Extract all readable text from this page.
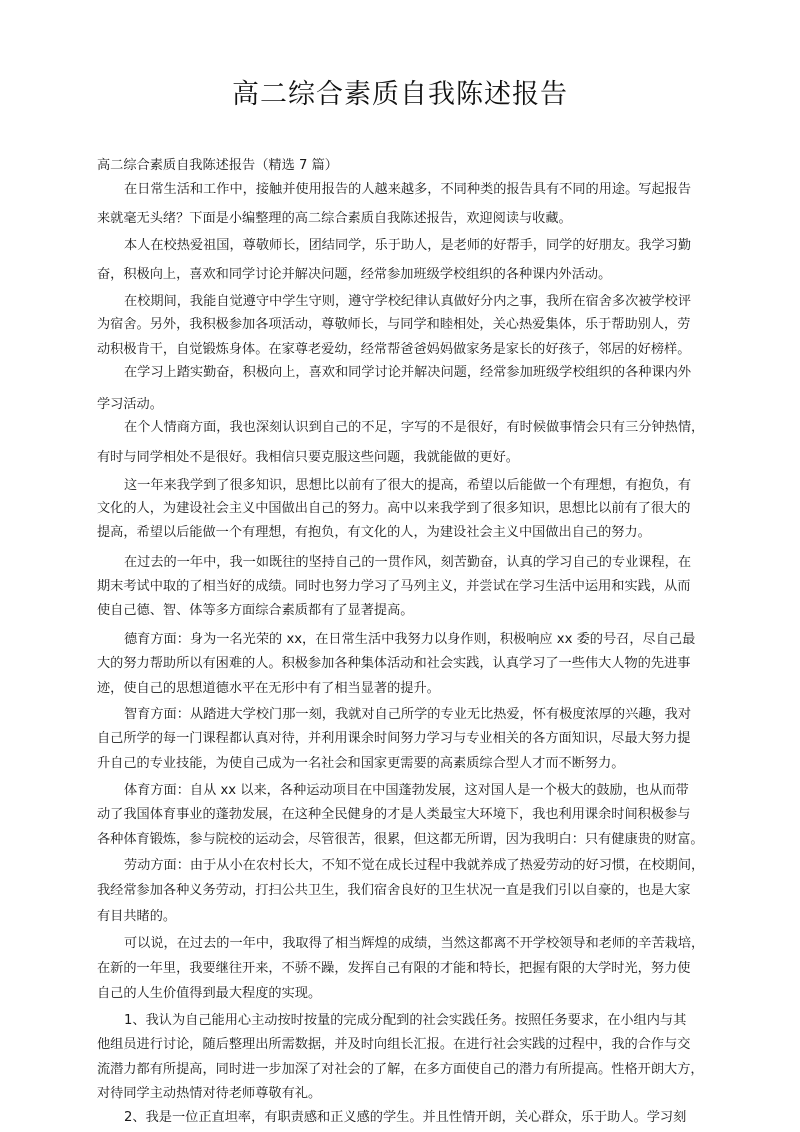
高二综合素质自我陈述报告
高二综合素质自我陈述报告（精选 7 篇）
在日常生活和工作中，接触并使用报告的人越来越多，不同种类的报告具有不同的用途。写起报告
来就毫无头绪？下面是小编整理的高二综合素质自我陈述报告，欢迎阅读与收藏。
本人在校热爱祖国，尊敬师长，团结同学，乐于助人，是老师的好帮手，同学的好朋友。我学习勤
奋，积极向上，喜欢和同学讨论并解决问题，经常参加班级学校组织的各种课内外活动。
在校期间，我能自觉遵守中学生守则，遵守学校纪律认真做好分内之事，我所在宿舍多次被学校评
为宿舍。另外，我积极参加各项活动，尊敬师长，与同学和睦相处，关心热爱集体，乐于帮助别人，劳
动积极肯干，自觉锻炼身体。在家尊老爱幼，经常帮爸爸妈妈做家务是家长的好孩子，邻居的好榜样。
在学习上踏实勤奋，积极向上，喜欢和同学讨论并解决问题，经常参加班级学校组织的各种课内外
学习活动。
在个人情商方面，我也深刻认识到自己的不足，字写的不是很好，有时候做事情会只有三分钟热情，
有时与同学相处不是很好。我相信只要克服这些问题，我就能做的更好。
这一年来我学到了很多知识，思想比以前有了很大的提高，希望以后能做一个有理想，有抱负，有
文化的人，为建设社会主义中国做出自己的努力。高中以来我学到了很多知识，思想比以前有了很大的
提高，希望以后能做一个有理想，有抱负，有文化的人，为建设社会主义中国做出自己的努力。
在过去的一年中，我一如既往的坚持自己的一贯作风，刻苦勤奋，认真的学习自己的专业课程，在
期末考试中取的了相当好的成绩。同时也努力学习了马列主义，并尝试在学习生活中运用和实践，从而
使自己德、智、体等多方面综合素质都有了显著提高。
德育方面：身为一名光荣的 xx，在日常生活中我努力以身作则，积极响应 xx 委的号召，尽自己最
大的努力帮助所以有困难的人。积极参加各种集体活动和社会实践，认真学习了一些伟大人物的先进事
迹，使自己的思想道德水平在无形中有了相当显著的提升。
智育方面：从踏进大学校门那一刻，我就对自己所学的专业无比热爱，怀有极度浓厚的兴趣，我对
自己所学的每一门课程都认真对待，并利用课余时间努力学习与专业相关的各方面知识，尽最大努力提
升自己的专业技能，为使自己成为一名社会和国家更需要的高素质综合型人才而不断努力。
体育方面：自从 xx 以来，各种运动项目在中国蓬勃发展，这对国人是一个极大的鼓励，也从而带
动了我国体育事业的蓬勃发展，在这种全民健身的才是人类最宝大环境下，我也利用课余时间积极参与
各种体育锻炼，参与院校的运动会，尽管很苦，很累，但这都无所谓，因为我明白：只有健康贵的财富。
劳动方面：由于从小在农村长大，不知不觉在成长过程中我就养成了热爱劳动的好习惯，在校期间，
我经常参加各种义务劳动，打扫公共卫生，我们宿舍良好的卫生状况一直是我们引以自豪的，也是大家
有目共睹的。
可以说，在过去的一年中，我取得了相当辉煌的成绩，当然这都离不开学校领导和老师的辛苦栽培，
在新的一年里，我要继往开来，不骄不躁，发挥自己有限的才能和特长，把握有限的大学时光，努力使
自己的人生价值得到最大程度的实现。
1、我认为自己能用心主动按时按量的完成分配到的社会实践任务。按照任务要求，在小组内与其
他组员进行讨论，随后整理出所需数据，并及时向组长汇报。在进行社会实践的过程中，我的合作与交
流潜力都有所提高，同时进一步加深了对社会的了解，在多方面使自己的潜力有所提高。性格开朗大方，
对待同学主动热情对待老师尊敬有礼。
2、我是一位正直坦率，有职责感和正义感的学生。并且性情开朗，关心群众，乐于助人。学习刻
